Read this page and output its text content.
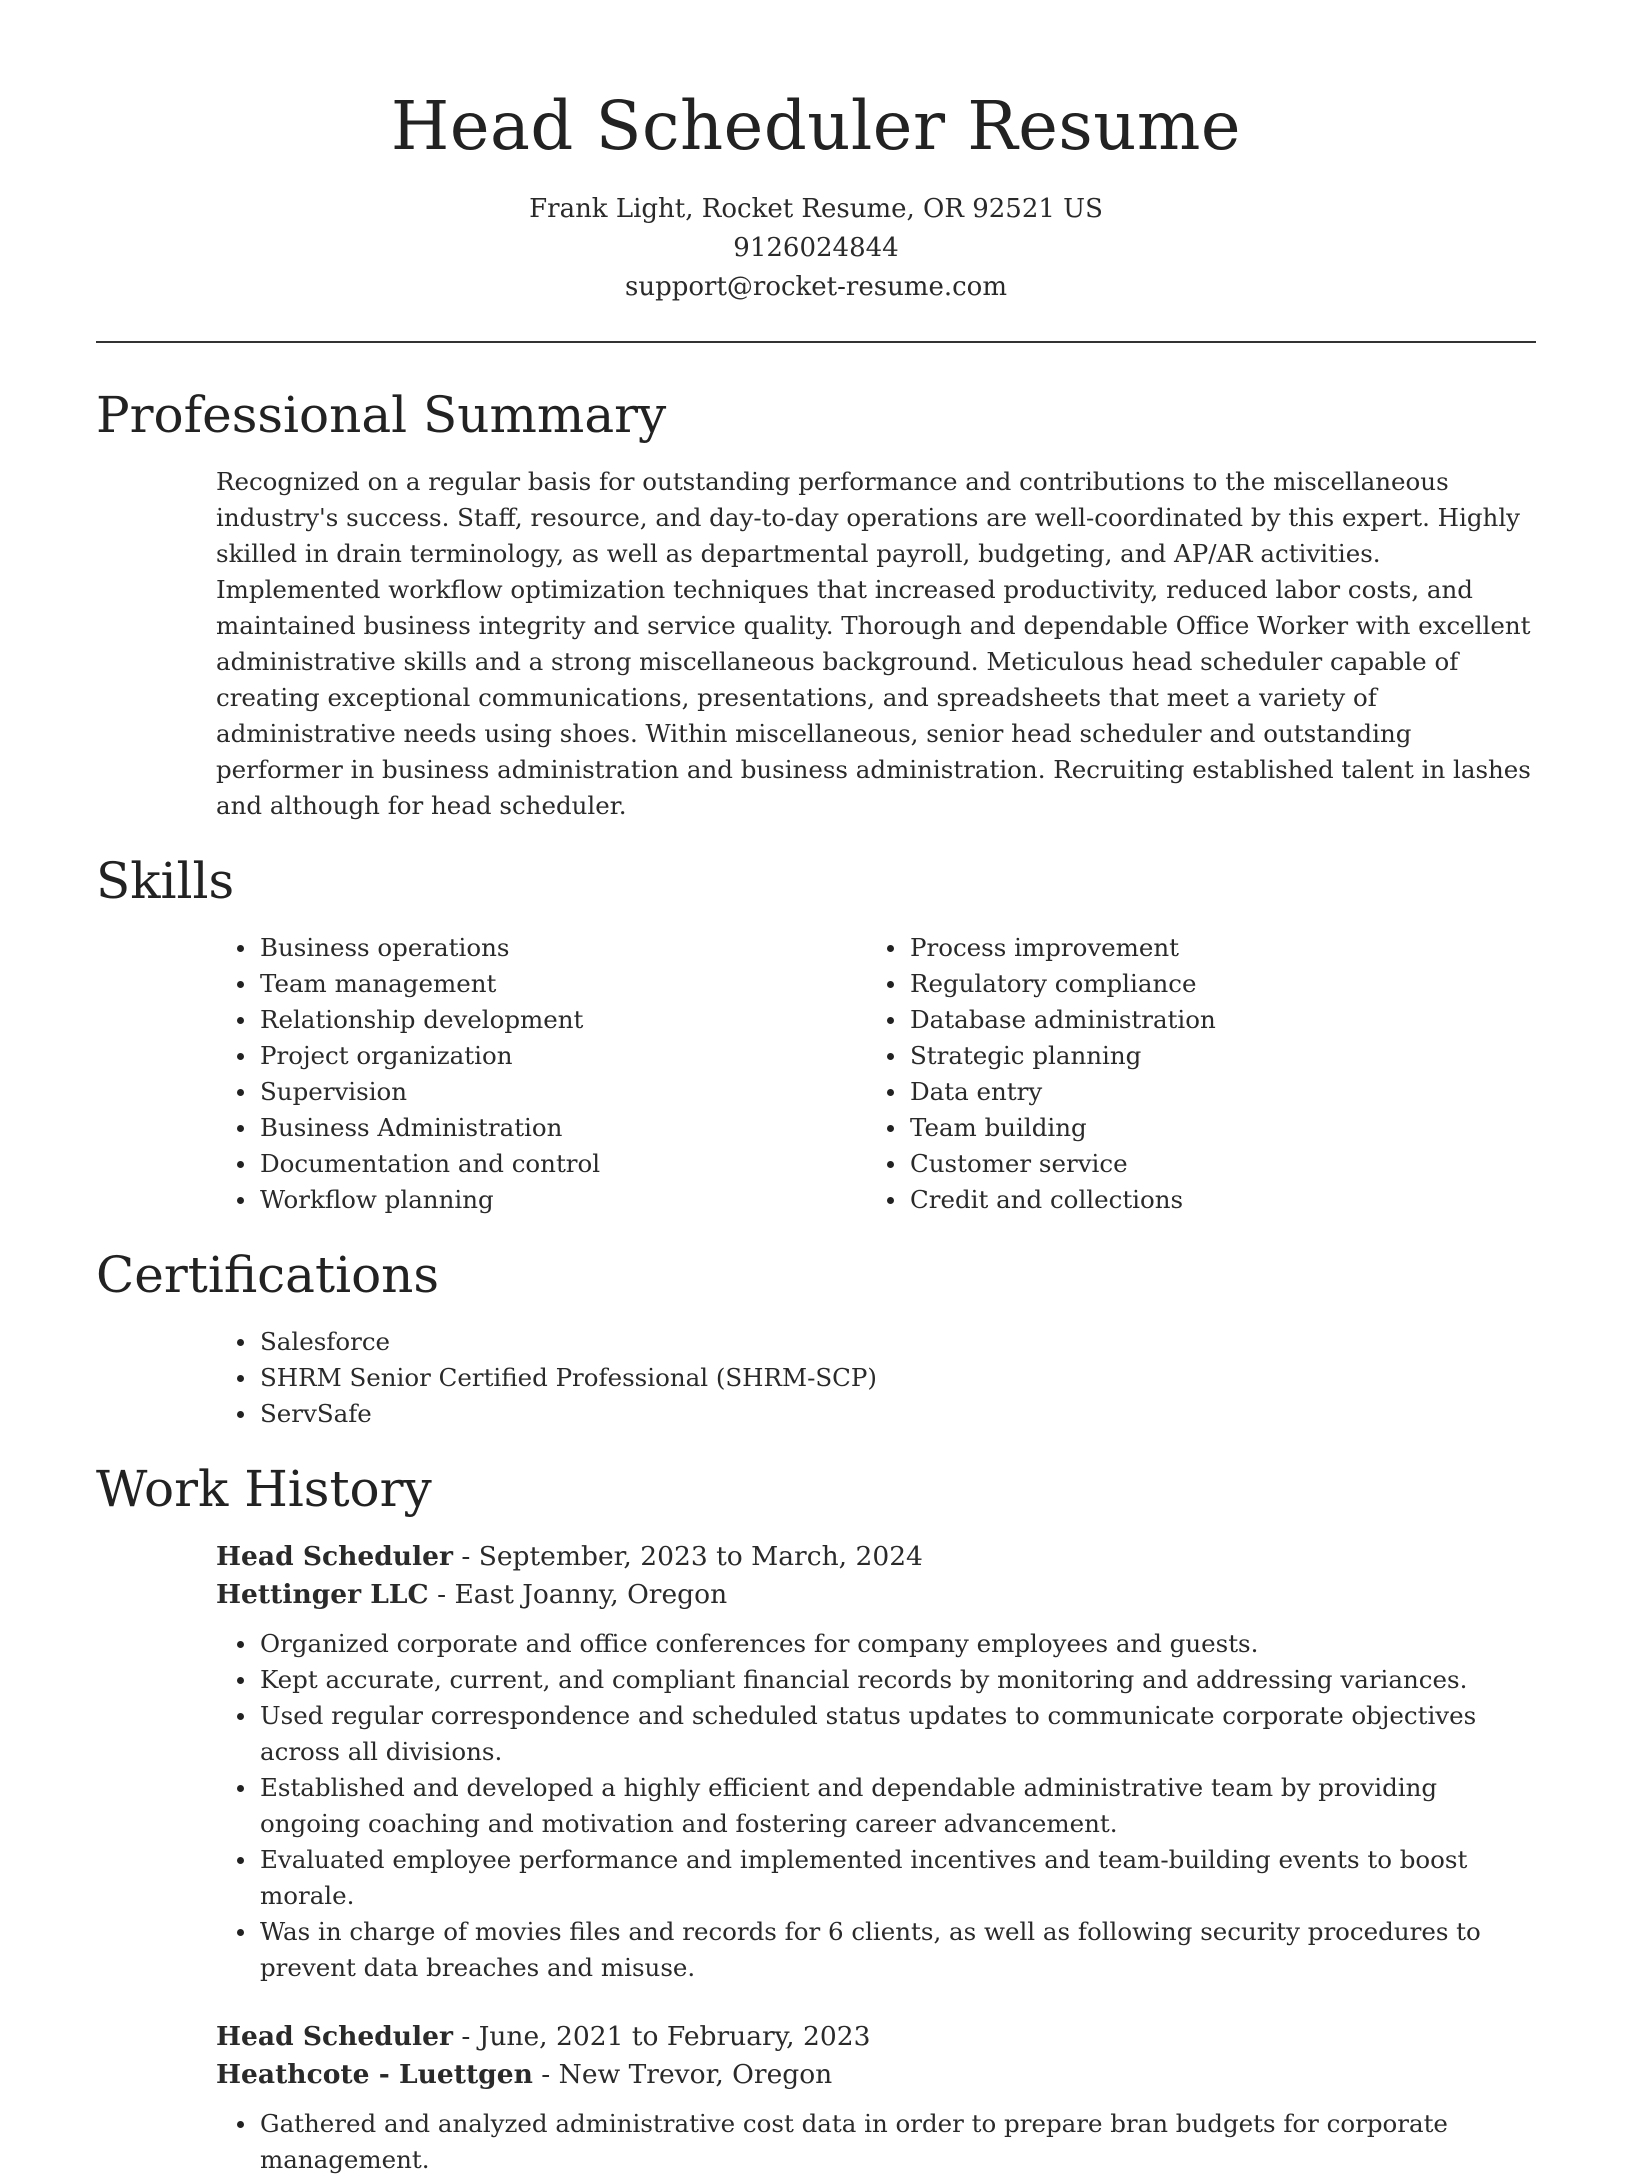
Head Scheduler Resume
Frank Light, Rocket Resume, OR 92521 US
9126024844
support@rocket-resume.com
Professional Summary
Recognized on a regular basis for outstanding performance and contributions to the miscellaneous industry's success. Staff, resource, and day-to-day operations are well-coordinated by this expert. Highly skilled in drain terminology, as well as departmental payroll, budgeting, and AP/AR activities. Implemented workflow optimization techniques that increased productivity, reduced labor costs, and maintained business integrity and service quality. Thorough and dependable Office Worker with excellent administrative skills and a strong miscellaneous background. Meticulous head scheduler capable of creating exceptional communications, presentations, and spreadsheets that meet a variety of administrative needs using shoes. Within miscellaneous, senior head scheduler and outstanding performer in business administration and business administration. Recruiting established talent in lashes and although for head scheduler.
Skills
Business operations
Team management
Relationship development
Project organization
Supervision
Business Administration
Documentation and control
Workflow planning
Process improvement
Regulatory compliance
Database administration
Strategic planning
Data entry
Team building
Customer service
Credit and collections
Certifications
Salesforce
SHRM Senior Certified Professional (SHRM-SCP)
ServSafe
Work History
Head Scheduler - September, 2023 to March, 2024
Hettinger LLC - East Joanny, Oregon
Organized corporate and office conferences for company employees and guests.
Kept accurate, current, and compliant financial records by monitoring and addressing variances.
Used regular correspondence and scheduled status updates to communicate corporate objectives across all divisions.
Established and developed a highly efficient and dependable administrative team by providing ongoing coaching and motivation and fostering career advancement.
Evaluated employee performance and implemented incentives and team-building events to boost morale.
Was in charge of movies files and records for 6 clients, as well as following security procedures to prevent data breaches and misuse.
Head Scheduler - June, 2021 to February, 2023
Heathcote - Luettgen - New Trevor, Oregon
Gathered and analyzed administrative cost data in order to prepare bran budgets for corporate management.
